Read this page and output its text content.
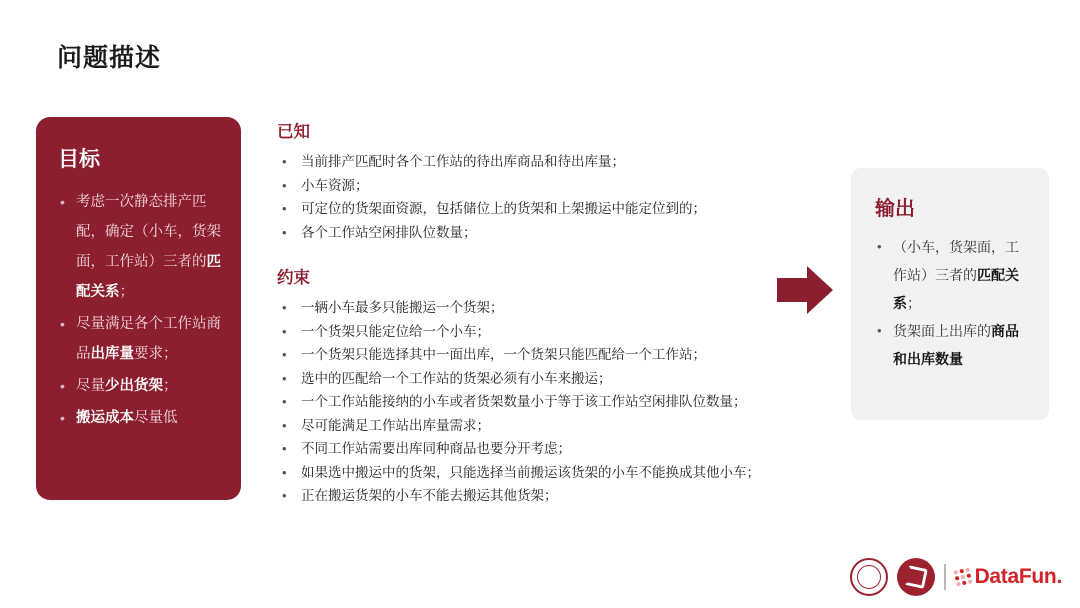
问题描述
目标
• 考虑一次静态排产匹配，确定（小车，货架面，工作站）三者的匹配关系；
• 尽量满足各个工作站商品出库量要求；
• 尽量少出货架；
• 搬运成本尽量低
已知
• 当前排产匹配时各个工作站的待出库商品和待出库量；
• 小车资源；
• 可定位的货架面资源，包括储位上的货架和上架搬运中能定位到的；
• 各个工作站空闲排队位数量；
约束
• 一辆小车最多只能搬运一个货架；
• 一个货架只能定位给一个小车；
• 一个货架只能选择其中一面出库，一个货架只能匹配给一个工作站；
• 选中的匹配给一个工作站的货架必须有小车来搬运；
• 一个工作站能接纳的小车或者货架数量小于等于该工作站空闲排队位数量；
• 尽可能满足工作站出库量需求；
• 不同工作站需要出库同种商品也要分开考虑；
• 如果选中搬运中的货架，只能选择当前搬运该货架的小车不能换成其他小车；
• 正在搬运货架的小车不能去搬运其他货架；
输出
• （小车，货架面，工作站）三者的匹配关系；
• 货架面上出库的商品和出库数量
DataFun.
